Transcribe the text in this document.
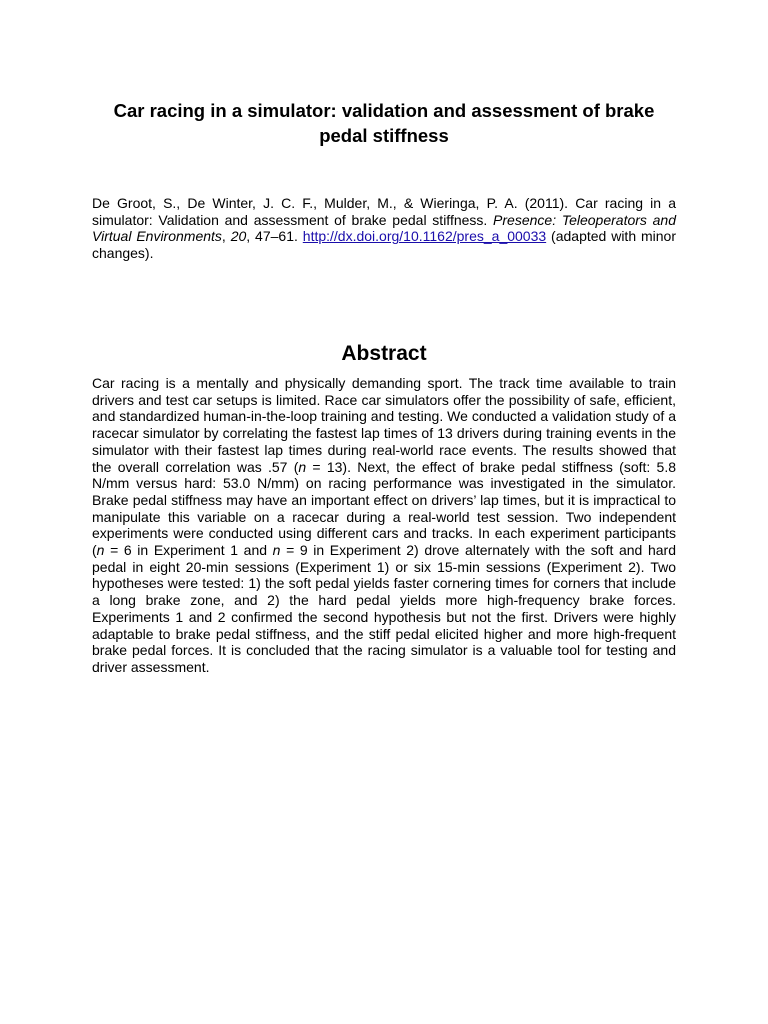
Car racing in a simulator: validation and assessment of brake pedal stiffness

De Groot, S., De Winter, J. C. F., Mulder, M., & Wieringa, P. A. (2011). Car racing in a simulator: Validation and assessment of brake pedal stiffness. Presence: Teleoperators and Virtual Environments, 20, 47–61. http://dx.doi.org/10.1162/pres_a_00033 (adapted with minor changes).

Abstract

Car racing is a mentally and physically demanding sport. The track time available to train drivers and test car setups is limited. Race car simulators offer the possibility of safe, efficient, and standardized human-in-the-loop training and testing. We conducted a validation study of a racecar simulator by correlating the fastest lap times of 13 drivers during training events in the simulator with their fastest lap times during real-world race events. The results showed that the overall correlation was .57 (n = 13). Next, the effect of brake pedal stiffness (soft: 5.8 N/mm versus hard: 53.0 N/mm) on racing performance was investigated in the simulator. Brake pedal stiffness may have an important effect on drivers’ lap times, but it is impractical to manipulate this variable on a racecar during a real-world test session. Two independent experiments were conducted using different cars and tracks. In each experiment participants (n = 6 in Experiment 1 and n = 9 in Experiment 2) drove alternately with the soft and hard pedal in eight 20-min sessions (Experiment 1) or six 15-min sessions (Experiment 2). Two hypotheses were tested: 1) the soft pedal yields faster cornering times for corners that include a long brake zone, and 2) the hard pedal yields more high-frequency brake forces. Experiments 1 and 2 confirmed the second hypothesis but not the first. Drivers were highly adaptable to brake pedal stiffness, and the stiff pedal elicited higher and more high-frequent brake pedal forces. It is concluded that the racing simulator is a valuable tool for testing and driver assessment.
